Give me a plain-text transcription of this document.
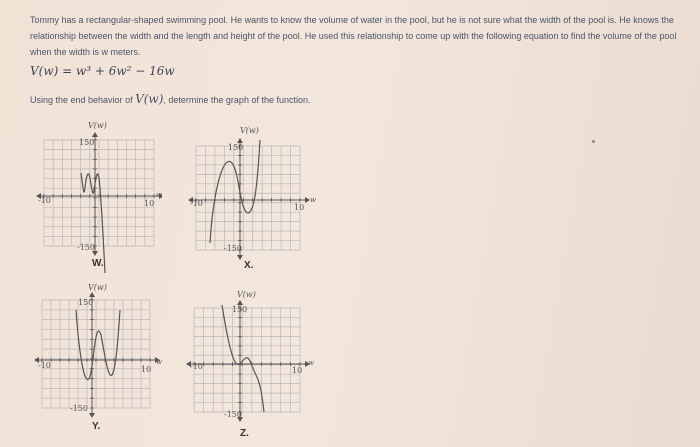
Tommy has a rectangular-shaped swimming pool. He wants to know the volume of water in the pool, but he is not sure what the width of the pool is. He knows the relationship between the width and the length and height of the pool. He used this relationship to come up with the following equation to find the volume of the pool when the width is w meters.
V(w) = w³ + 6w² − 16w
Using the end behavior of V(w), determine the graph of the function.
V(w)
150
-150
-10	10
w
W.
V(w)
150
-150
-10	10
w
X.
V(w)
150
-150
-10	10
w
Y.
V(w)
150
-150
-10	10
w
Z.
